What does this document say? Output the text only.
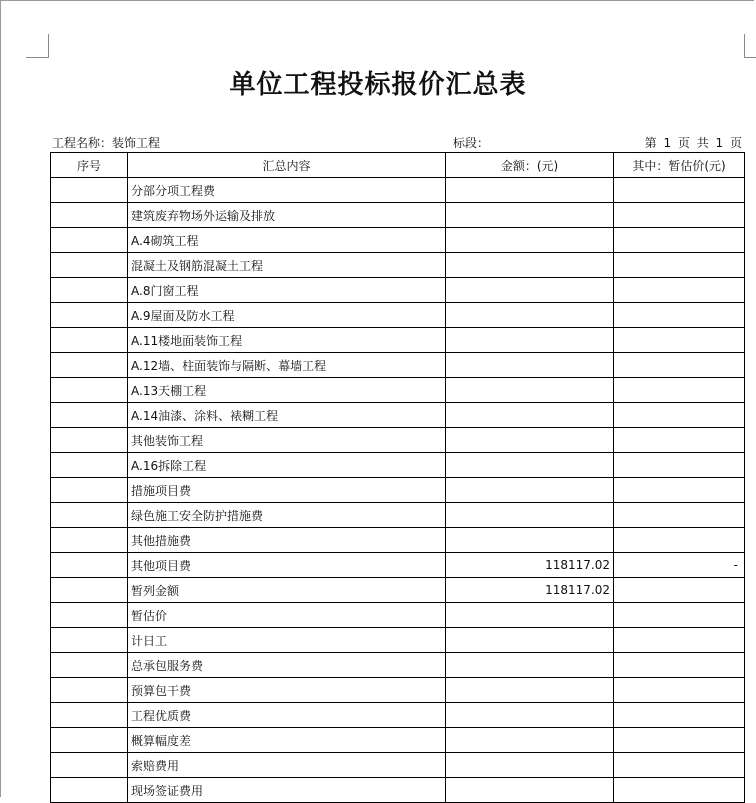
单位工程投标报价汇总表
工程名称：装饰工程	标段：	第 1 页 共 1 页
序号	汇总内容	金额：(元)	其中：暂估价(元)
	分部分项工程费		
	建筑废弃物场外运输及排放		
	A.4砌筑工程		
	混凝土及钢筋混凝土工程		
	A.8门窗工程		
	A.9屋面及防水工程		
	A.11楼地面装饰工程		
	A.12墙、柱面装饰与隔断、幕墙工程		
	A.13天棚工程		
	A.14油漆、涂料、裱糊工程		
	其他装饰工程		
	A.16拆除工程		
	措施项目费		
	绿色施工安全防护措施费		
	其他措施费		
	其他项目费	118117.02	-
	暂列金额	118117.02	
	暂估价		
	计日工		
	总承包服务费		
	预算包干费		
	工程优质费		
	概算幅度差		
	索赔费用		
	现场签证费用		
